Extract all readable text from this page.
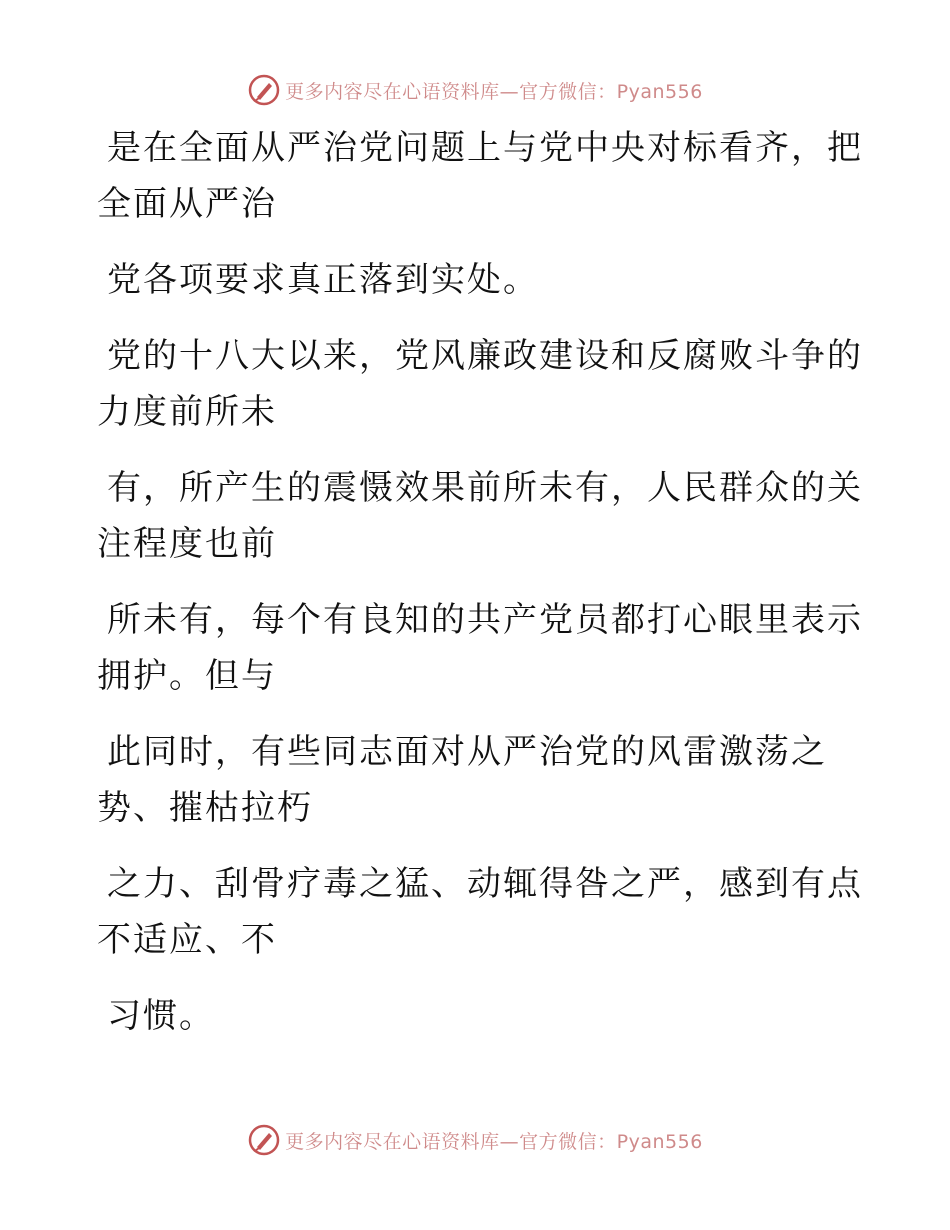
更多内容尽在心语资料库—官方微信：Pyan556
是在全面从严治党问题上与党中央对标看齐，把
全面从严治
党各项要求真正落到实处。
党的十八大以来，党风廉政建设和反腐败斗争的
力度前所未
有，所产生的震慑效果前所未有，人民群众的关
注程度也前
所未有，每个有良知的共产党员都打心眼里表示
拥护。但与
此同时，有些同志面对从严治党的风雷激荡之
势、摧枯拉朽
之力、刮骨疗毒之猛、动辄得咎之严，感到有点
不适应、不
习惯。
更多内容尽在心语资料库—官方微信：Pyan556
